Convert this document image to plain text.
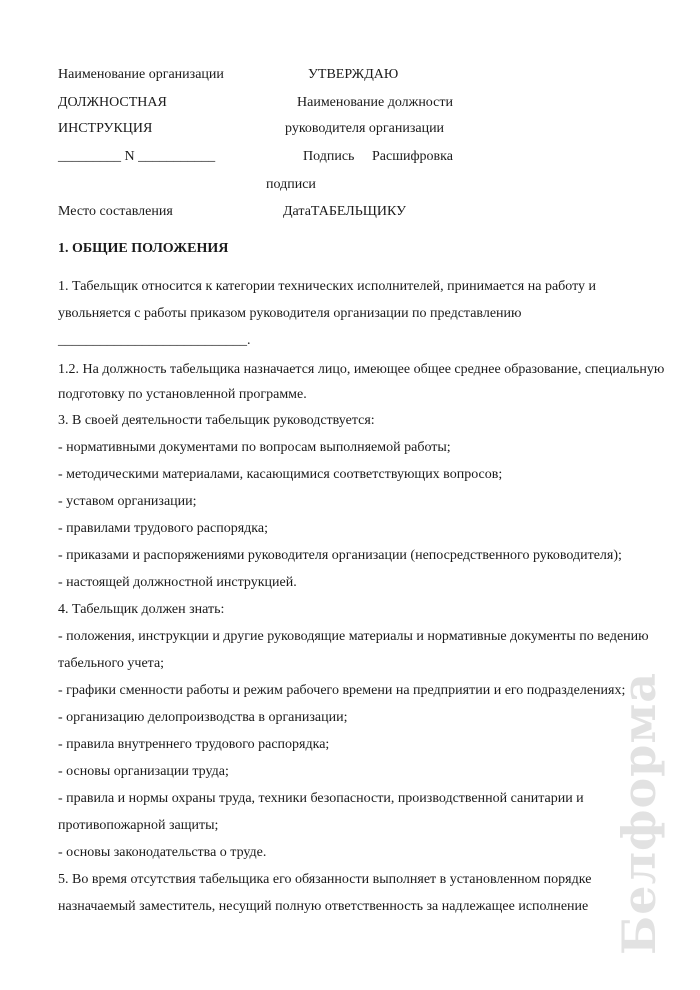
Наименование организации	УТВЕРЖДАЮ
ДОЛЖНОСТНАЯ	Наименование должности
ИНСТРУКЦИЯ	руководителя организации
_________ N ___________	Подпись Расшифровка
подписи
Место составления	ДатаТАБЕЛЬЩИКУ
1. ОБЩИЕ ПОЛОЖЕНИЯ
1. Табельщик относится к категории технических исполнителей, принимается на работу и
увольняется с работы приказом руководителя организации по представлению
___________________________.
1.2. На должность табельщика назначается лицо, имеющее общее среднее образование, специальную
подготовку по установленной программе.
3. В своей деятельности табельщик руководствуется:
- нормативными документами по вопросам выполняемой работы;
- методическими материалами, касающимися соответствующих вопросов;
- уставом организации;
- правилами трудового распорядка;
- приказами и распоряжениями руководителя организации (непосредственного руководителя);
- настоящей должностной инструкцией.
4. Табельщик должен знать:
- положения, инструкции и другие руководящие материалы и нормативные документы по ведению
табельного учета;
- графики сменности работы и режим рабочего времени на предприятии и его подразделениях;
- организацию делопроизводства в организации;
- правила внутреннего трудового распорядка;
- основы организации труда;
- правила и нормы охраны труда, техники безопасности, производственной санитарии и
противопожарной защиты;
- основы законодательства о труде.
5. Во время отсутствия табельщика его обязанности выполняет в установленном порядке
назначаемый заместитель, несущий полную ответственность за надлежащее исполнение Белформа
